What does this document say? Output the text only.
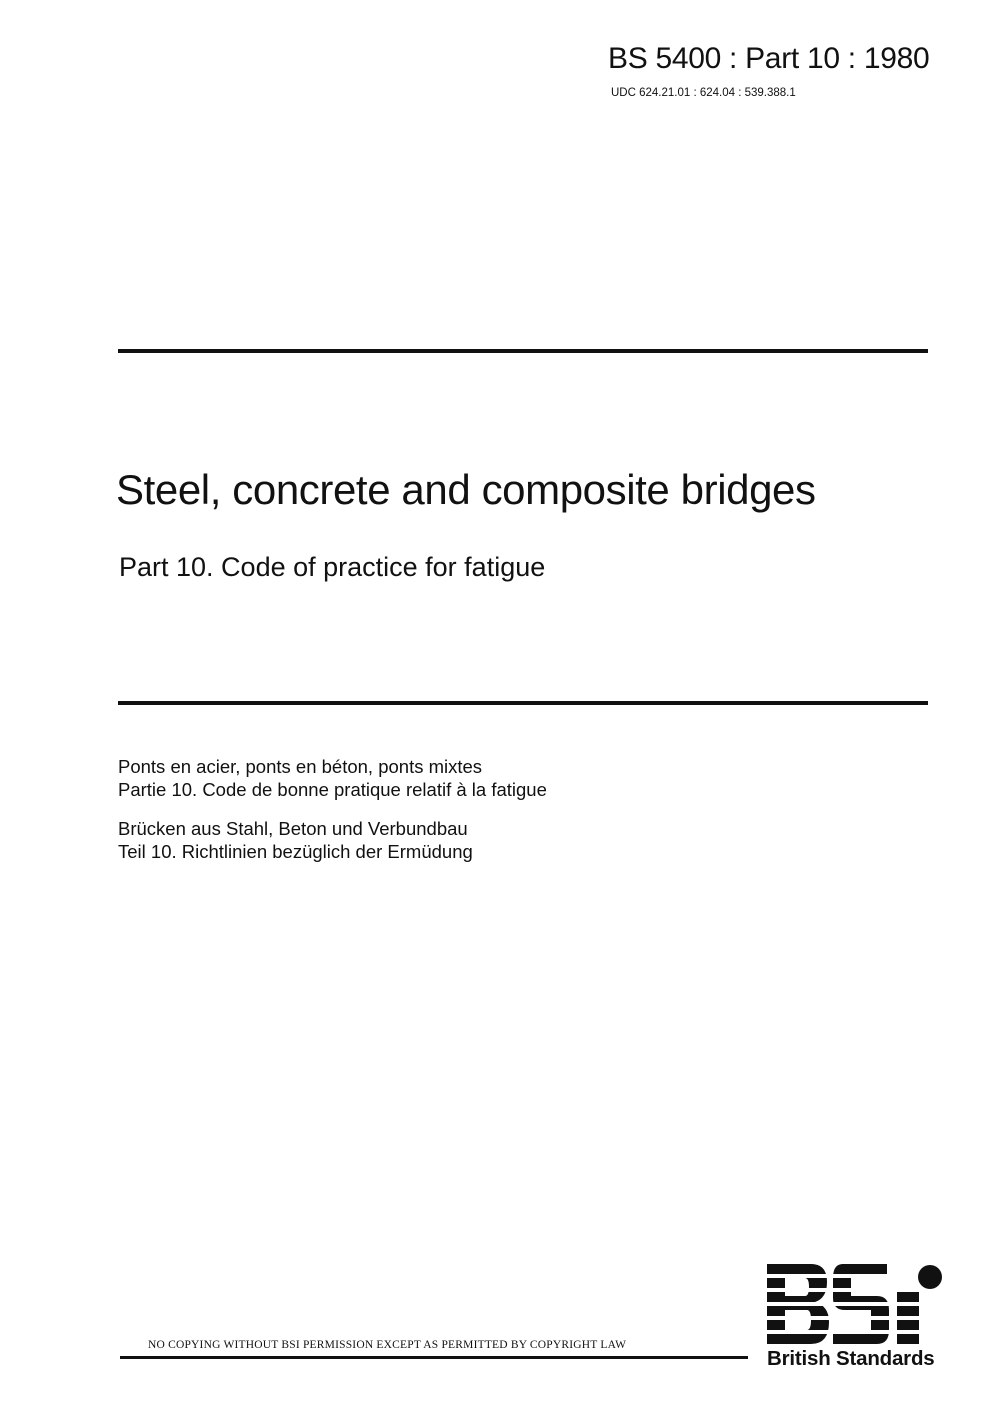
BS 5400 : Part 10 : 1980
UDC 624.21.01 : 624.04 : 539.388.1
Steel, concrete and composite bridges
Part 10. Code of practice for fatigue
Ponts en acier, ponts en béton, ponts mixtes
Partie 10. Code de bonne pratique relatif à la fatigue
Brücken aus Stahl, Beton und Verbundbau
Teil 10. Richtlinien bezüglich der Ermüdung
NO COPYING WITHOUT BSI PERMISSION EXCEPT AS PERMITTED BY COPYRIGHT LAW
British Standards
